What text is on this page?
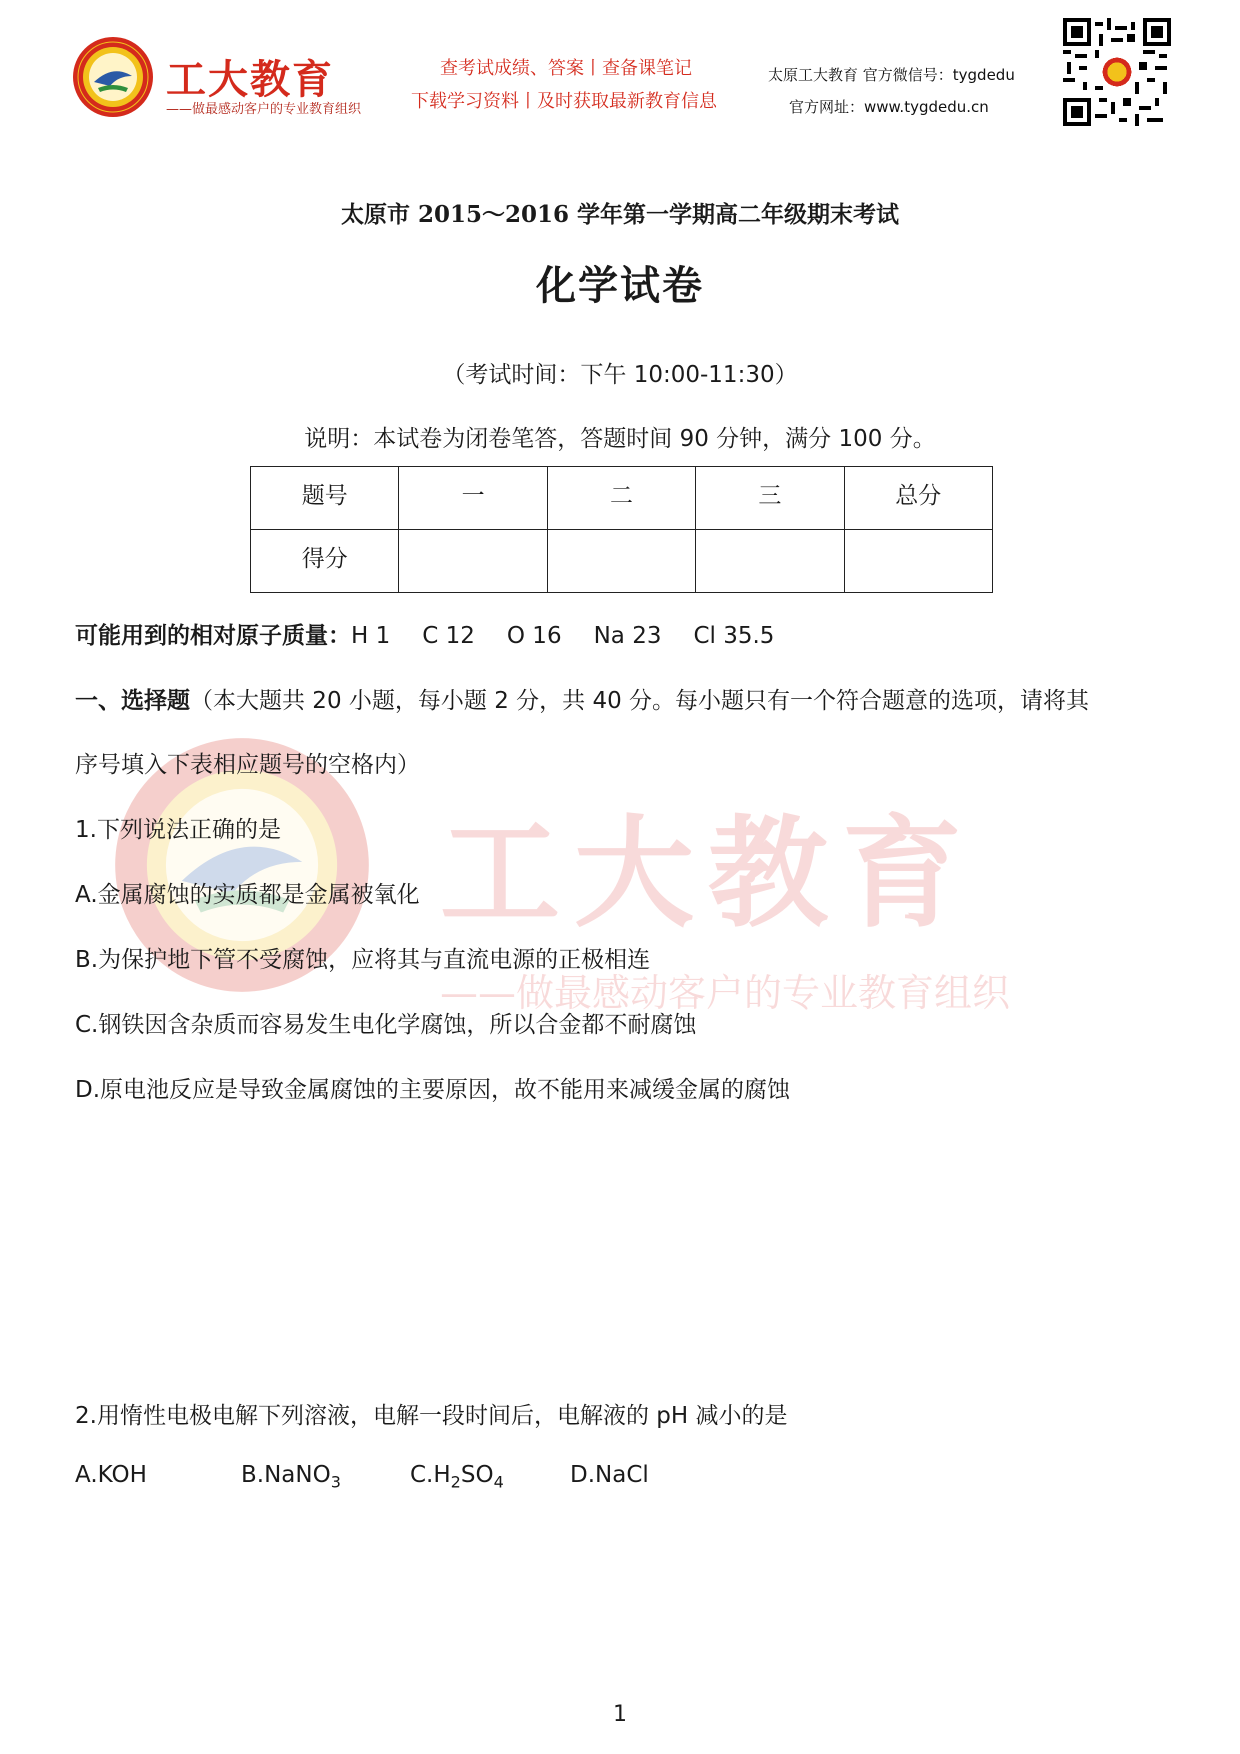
工大教育
——做最感动客户的专业教育组织
查考试成绩、答案丨查备课笔记
下载学习资料丨及时获取最新教育信息
太原工大教育 官方微信号：tygdedu
官方网址：www.tygdedu.cn
工大教育
——做最感动客户的专业教育组织
太原市 2015～2016 学年第一学期高二年级期末考试
化学试卷
（考试时间：下午 10:00-11:30）
说明：本试卷为闭卷笔答，答题时间 90 分钟，满分 100 分。
题号	一	二	三	总分
得分				
可能用到的相对原子质量：H 1 C 12 O 16 Na 23 Cl 35.5
一、选择题（本大题共 20 小题，每小题 2 分，共 40 分。每小题只有一个符合题意的选项，请将其
序号填入下表相应题号的空格内）
1.下列说法正确的是
A.金属腐蚀的实质都是金属被氧化
B.为保护地下管不受腐蚀，应将其与直流电源的正极相连
C.钢铁因含杂质而容易发生电化学腐蚀，所以合金都不耐腐蚀
D.原电池反应是导致金属腐蚀的主要原因，故不能用来减缓金属的腐蚀
2.用惰性电极电解下列溶液，电解一段时间后，电解液的 pH 减小的是
A.KOH	B.NaNO$_3$	$C.H_2SO_4$	D.NaCl
1
